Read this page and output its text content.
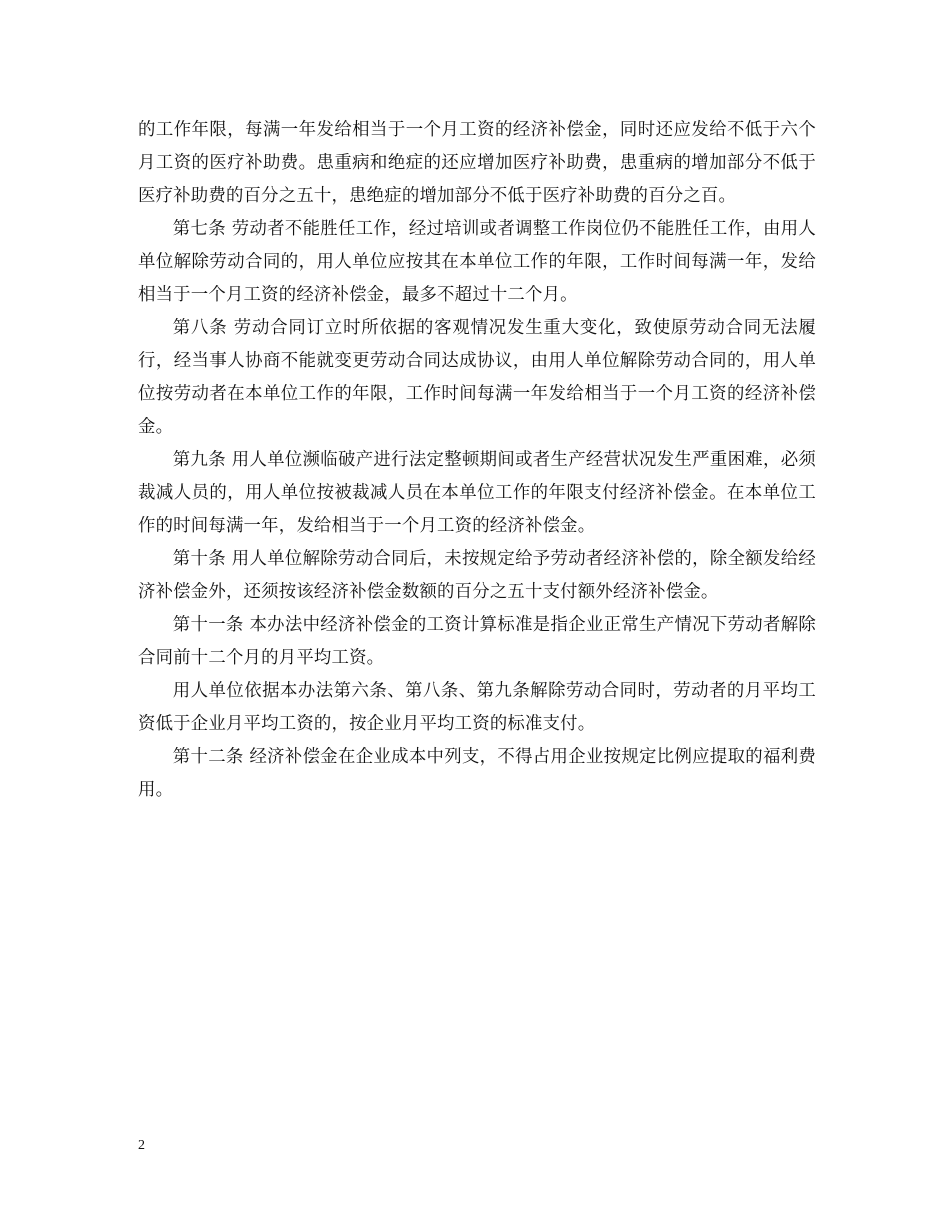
的工作年限，每满一年发给相当于一个月工资的经济补偿金，同时还应发给不低于六个月工资的医疗补助费。患重病和绝症的还应增加医疗补助费，患重病的增加部分不低于医疗补助费的百分之五十，患绝症的增加部分不低于医疗补助费的百分之百。

第七条 劳动者不能胜任工作，经过培训或者调整工作岗位仍不能胜任工作，由用人单位解除劳动合同的，用人单位应按其在本单位工作的年限，工作时间每满一年，发给相当于一个月工资的经济补偿金，最多不超过十二个月。

第八条 劳动合同订立时所依据的客观情况发生重大变化，致使原劳动合同无法履行，经当事人协商不能就变更劳动合同达成协议，由用人单位解除劳动合同的，用人单位按劳动者在本单位工作的年限，工作时间每满一年发给相当于一个月工资的经济补偿金。

第九条 用人单位濒临破产进行法定整顿期间或者生产经营状况发生严重困难，必须裁减人员的，用人单位按被裁减人员在本单位工作的年限支付经济补偿金。在本单位工作的时间每满一年，发给相当于一个月工资的经济补偿金。

第十条 用人单位解除劳动合同后，未按规定给予劳动者经济补偿的，除全额发给经济补偿金外，还须按该经济补偿金数额的百分之五十支付额外经济补偿金。

第十一条 本办法中经济补偿金的工资计算标准是指企业正常生产情况下劳动者解除合同前十二个月的月平均工资。

用人单位依据本办法第六条、第八条、第九条解除劳动合同时，劳动者的月平均工资低于企业月平均工资的，按企业月平均工资的标准支付。

第十二条 经济补偿金在企业成本中列支，不得占用企业按规定比例应提取的福利费用。

2
